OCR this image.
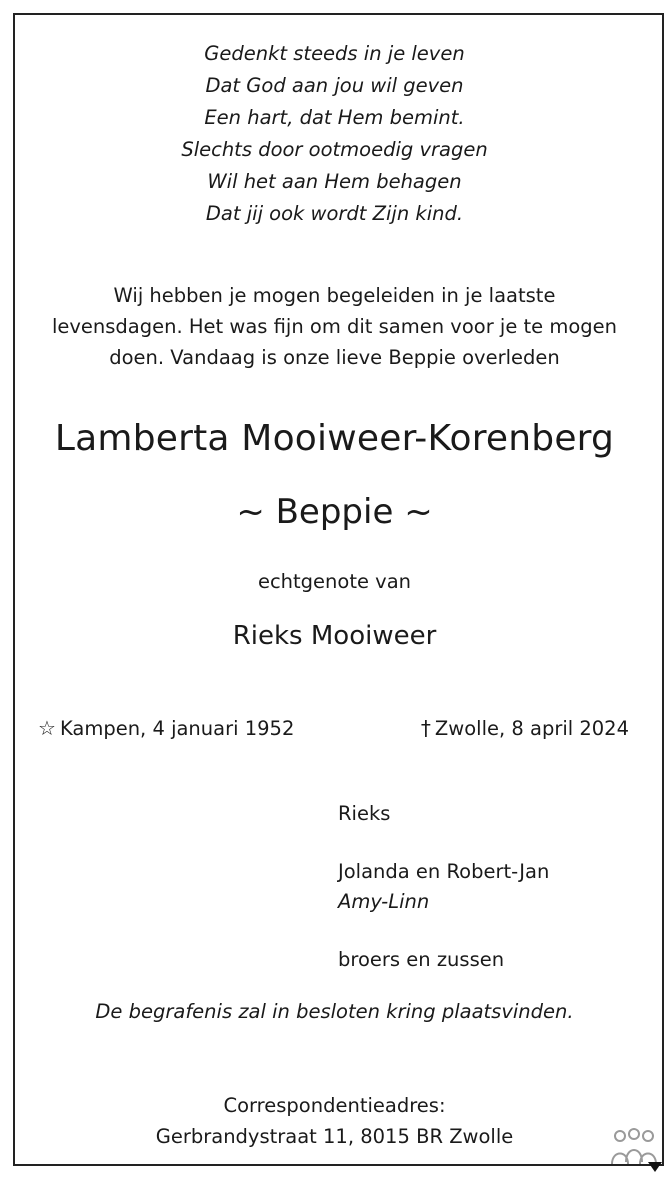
Gedenkt steeds in je leven
Dat God aan jou wil geven
Een hart, dat Hem bemint.
Slechts door ootmoedig vragen
Wil het aan Hem behagen
Dat jij ook wordt Zijn kind.
Wij hebben je mogen begeleiden in je laatste
levensdagen. Het was fijn om dit samen voor je te mogen
doen. Vandaag is onze lieve Beppie overleden
Lamberta Mooiweer-Korenberg
~ Beppie ~
echtgenote van
Rieks Mooiweer
☆ Kampen, 4 januari 1952	† Zwolle, 8 april 2024
Rieks
Jolanda en Robert-Jan
Amy-Linn
broers en zussen
De begrafenis zal in besloten kring plaatsvinden.
Correspondentieadres:
Gerbrandystraat 11, 8015 BR Zwolle
